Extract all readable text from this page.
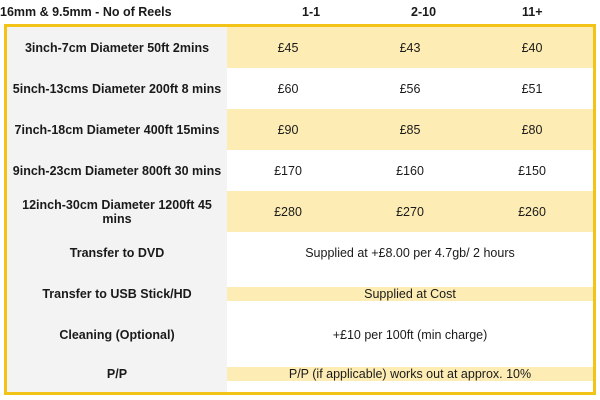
16mm & 9.5mm - No of Reels	1-1	2-10	11+
3inch-7cm Diameter 50ft 2mins	£45	£43	£40
5inch-13cms Diameter 200ft 8 mins	£60	£56	£51
7inch-18cm Diameter 400ft 15mins	£90	£85	£80
9inch-23cm Diameter 800ft 30 mins	£170	£160	£150
12inch-30cm Diameter 1200ft 45 mins	£280	£270	£260
Transfer to DVD	Supplied at +£8.00 per 4.7gb/ 2 hours
Transfer to USB Stick/HD	Supplied at Cost
Cleaning (Optional)	+£10 per 100ft (min charge)
P/P	P/P (if applicable) works out at approx. 10%
